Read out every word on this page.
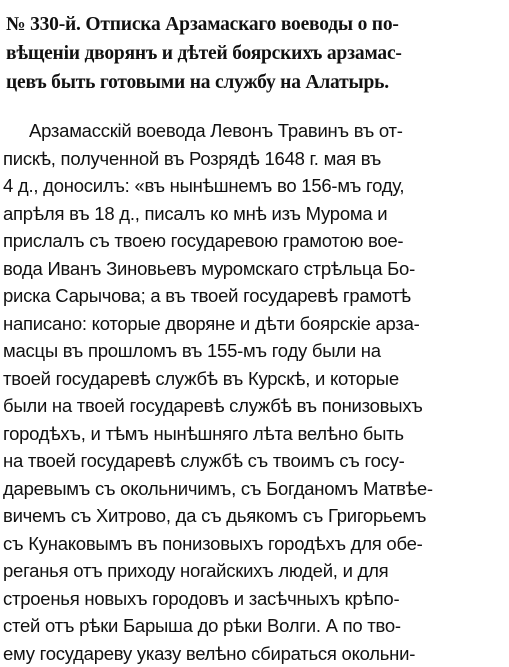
№ 330-й. Отписка Арзамаскаго воеводы о по-
вѣщенiи дворянъ и дѣтей боярскихъ арзамас-
цевъ быть готовыми на службу на Алатырь.
Арзамасскiй воевода Левонъ Травинъ въ от-
пискѣ, полученной въ Розрядѣ 1648 г. мая въ
4 д., доносилъ: «въ нынѣшнемъ во 156-мъ году,
апрѣля въ 18 д., писалъ ко мнѣ изъ Мурома и
прислалъ съ твоею государевою грамотою вое-
вода Иванъ Зиновьевъ муромскаго стрѣльца Бо-
риска Сарычова; а въ твоей государевѣ грамотѣ
написано: которые дворяне и дѣти боярскiе арза-
масцы въ прошломъ въ 155-мъ году были на
твоей государевѣ службѣ въ Курскѣ, и которые
были на твоей государевѣ службѣ въ понизовыхъ
городѣхъ, и тѣмъ нынѣшняго лѣта велѣно быть
на твоей государевѣ службѣ съ твоимъ съ госу-
даревымъ съ окольничимъ, съ Богданомъ Матвѣе-
вичемъ съ Хитрово, да съ дьякомъ съ Григорьемъ
съ Кунаковымъ въ понизовыхъ городѣхъ для обе-
реганья отъ приходу ногайскихъ людей, и для
строенья новыхъ городовъ и засѣчныхъ крѣпо-
стей отъ рѣки Барыша до рѣки Волги. А по тво-
ему государеву указу велѣно сбираться окольни-
